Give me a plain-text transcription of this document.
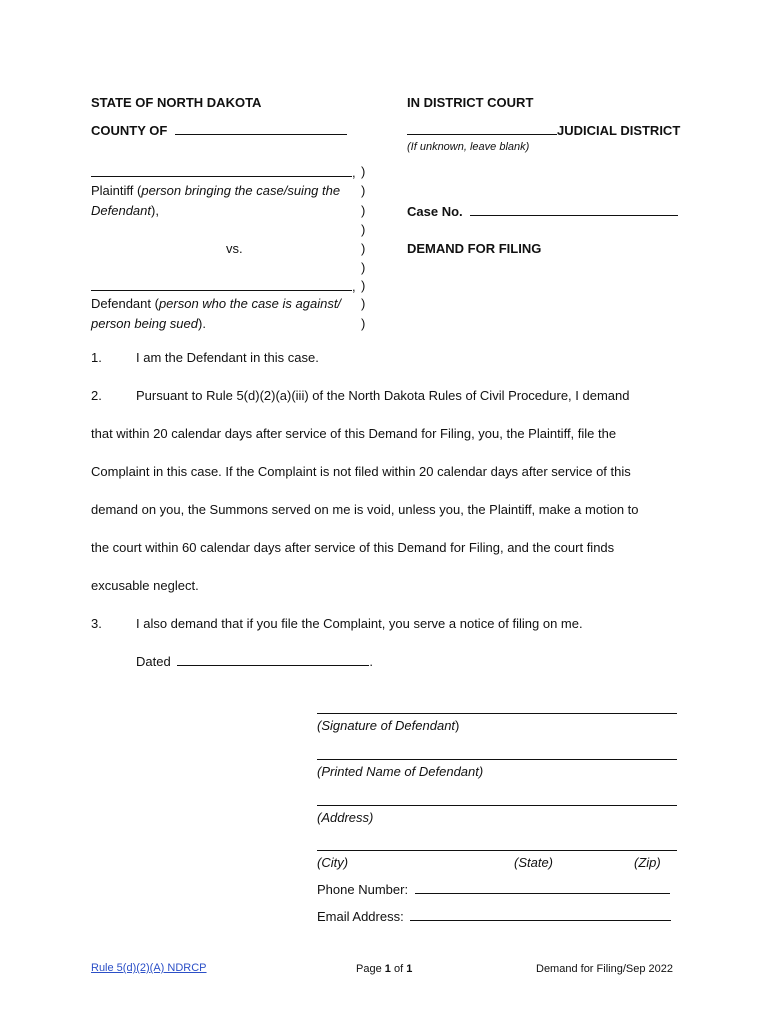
STATE OF NORTH DAKOTA	IN DISTRICT COURT
COUNTY OF	JUDICIAL DISTRICT
(If unknown, leave blank)
,
Plaintiff (person bringing the case/suing the
Defendant),
vs.
,
Defendant (person who the case is against/
person being sued).
)
)
)
)
)
)
)
)
)
Case No.
DEMAND FOR FILING
1.	I am the Defendant in this case.
2.	Pursuant to Rule 5(d)(2)(a)(iii) of the North Dakota Rules of Civil Procedure, I demand
that within 20 calendar days after service of this Demand for Filing, you, the Plaintiff, file the
Complaint in this case. If the Complaint is not filed within 20 calendar days after service of this
demand on you, the Summons served on me is void, unless you, the Plaintiff, make a motion to
the court within 60 calendar days after service of this Demand for Filing, and the court finds
excusable neglect.
3.	I also demand that if you file the Complaint, you serve a notice of filing on me.
Dated	.
(Signature of Defendant)
(Printed Name of Defendant)
(Address)
(City)	(State)	(Zip)
Phone Number:
Email Address:
Rule 5(d)(2)(A) NDRCP	Page 1 of 1	Demand for Filing/Sep 2022
